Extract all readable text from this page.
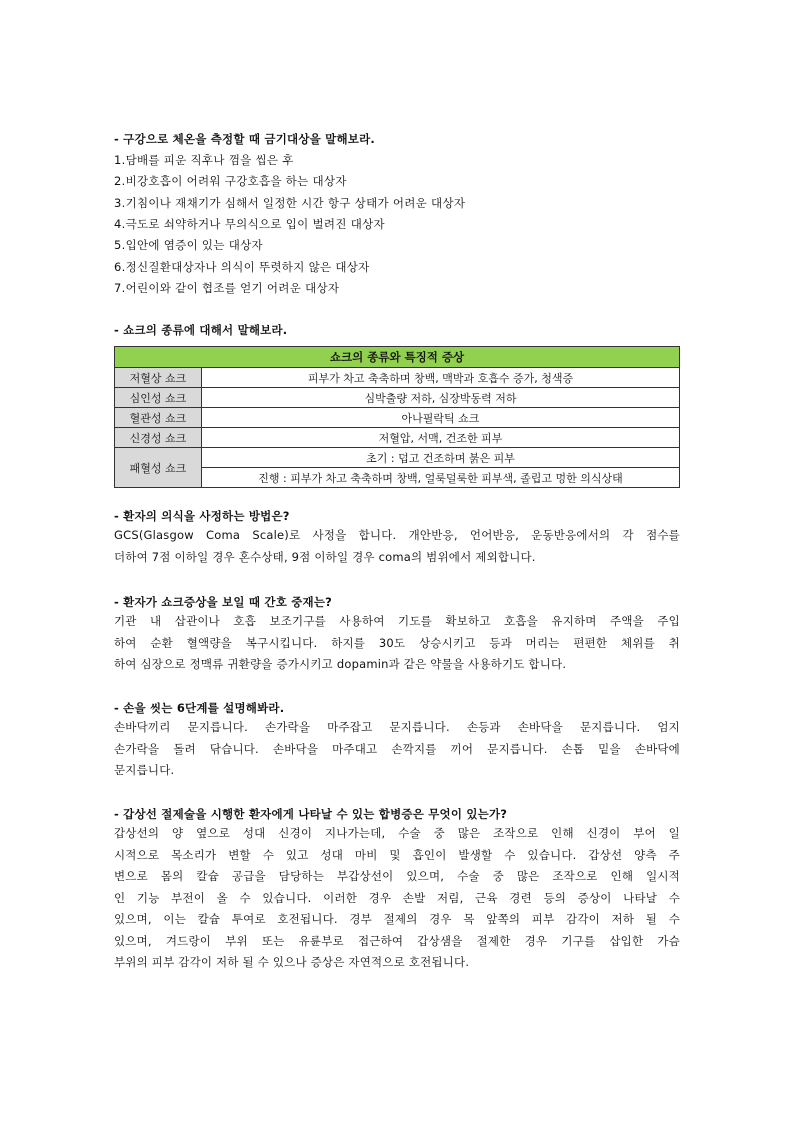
- 구강으로 체온을 측정할 때 금기대상을 말해보라.
1.담배를 피운 직후나 껌을 씹은 후
2.비강호흡이 어려워 구강호흡을 하는 대상자
3.기침이나 재채기가 심해서 일정한 시간 항구 상태가 어려운 대상자
4.극도로 쇠약하거나 무의식으로 입이 벌려진 대상자
5.입안에 염증이 있는 대상자
6.정신질환대상자나 의식이 뚜렷하지 않은 대상자
7.어린이와 같이 협조를 얻기 어려운 대상자
- 쇼크의 종류에 대해서 말해보라.
쇼크의 종류와 특징적 증상	
저혈상 쇼크	피부가 차고 축축하며 창백, 맥박과 호흡수 증가, 청색증
심인성 쇼크	심박출량 저하, 심장박동력 저하
혈관성 쇼크	아나필락틱 쇼크
신경성 쇼크	저혈압, 서맥, 건조한 피부
패혈성 쇼크	초기 : 덥고 건조하며 붉은 피부
	진행 : 피부가 차고 축축하며 창백, 얼룩덜룩한 피부색, 졸립고 멍한 의식상태
- 환자의 의식을 사정하는 방법은?
GCS(Glasgow Coma Scale)로 사정을 합니다. 개안반응, 언어반응, 운동반응에서의 각 점수를
더하여 7점 이하일 경우 혼수상태, 9점 이하일 경우 coma의 범위에서 제외합니다.
- 환자가 쇼크증상을 보일 때 간호 중재는?
기관 내 삽관이나 호흡 보조기구를 사용하여 기도를 확보하고 호흡을 유지하며 주액을 주입
하여 순환 혈액량을 복구시킵니다. 하지를 30도 상승시키고 등과 머리는 편편한 체위를 취
하여 심장으로 정맥류 귀환량을 증가시키고 dopamin과 같은 약물을 사용하기도 합니다.
- 손을 씻는 6단계를 설명해봐라.
손바닥끼리 문지릅니다. 손가락을 마주잡고 문지릅니다. 손등과 손바닥을 문지릅니다. 엄지
손가락을 돌려 닦습니다. 손바닥을 마주대고 손깍지를 끼어 문지릅니다. 손톱 밑을 손바닥에
문지릅니다.
- 갑상선 절제술을 시행한 환자에게 나타날 수 있는 합병증은 무엇이 있는가?
갑상선의 양 옆으로 성대 신경이 지나가는데, 수술 중 많은 조작으로 인해 신경이 부어 일
시적으로 목소리가 변할 수 있고 성대 마비 및 흡인이 발생할 수 있습니다. 갑상선 양측 주
변으로 몸의 칼슘 공급을 담당하는 부갑상선이 있으며, 수술 중 많은 조작으로 인해 일시적
인 기능 부전이 올 수 있습니다. 이러한 경우 손발 저림, 근육 경련 등의 증상이 나타날 수
있으며, 이는 칼슘 투여로 호전됩니다. 경부 절제의 경우 목 앞쪽의 피부 감각이 저하 될 수
있으며, 겨드랑이 부위 또는 유륜부로 접근하여 갑상샘을 절제한 경우 기구를 삽입한 가슴
부위의 피부 감각이 저하 될 수 있으나 증상은 자연적으로 호전됩니다.
